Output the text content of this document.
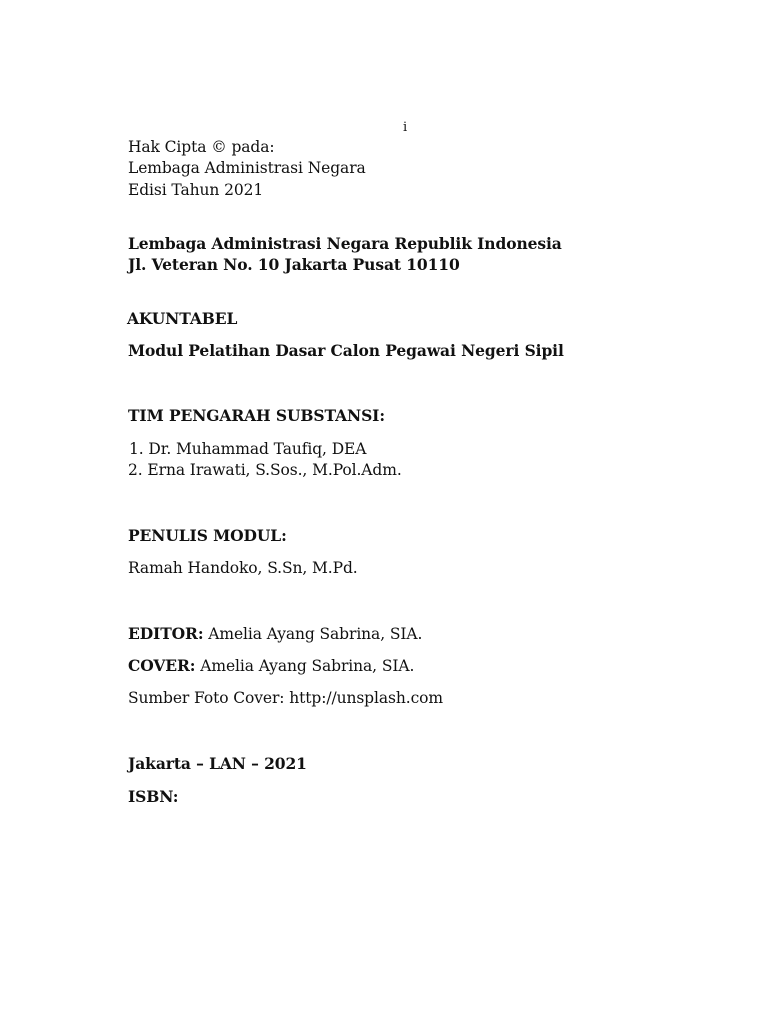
i
Hak Cipta © pada:
Lembaga Administrasi Negara
Edisi Tahun 2021
Lembaga Administrasi Negara Republik Indonesia
Jl. Veteran No. 10 Jakarta Pusat 10110
AKUNTABEL
Modul Pelatihan Dasar Calon Pegawai Negeri Sipil
TIM PENGARAH SUBSTANSI:
1. Dr. Muhammad Taufiq, DEA
2. Erna Irawati, S.Sos., M.Pol.Adm.
PENULIS MODUL:
Ramah Handoko, S.Sn, M.Pd.
EDITOR: Amelia Ayang Sabrina, SIA.
COVER: Amelia Ayang Sabrina, SIA.
Sumber Foto Cover: http://unsplash.com
Jakarta – LAN – 2021
ISBN:
